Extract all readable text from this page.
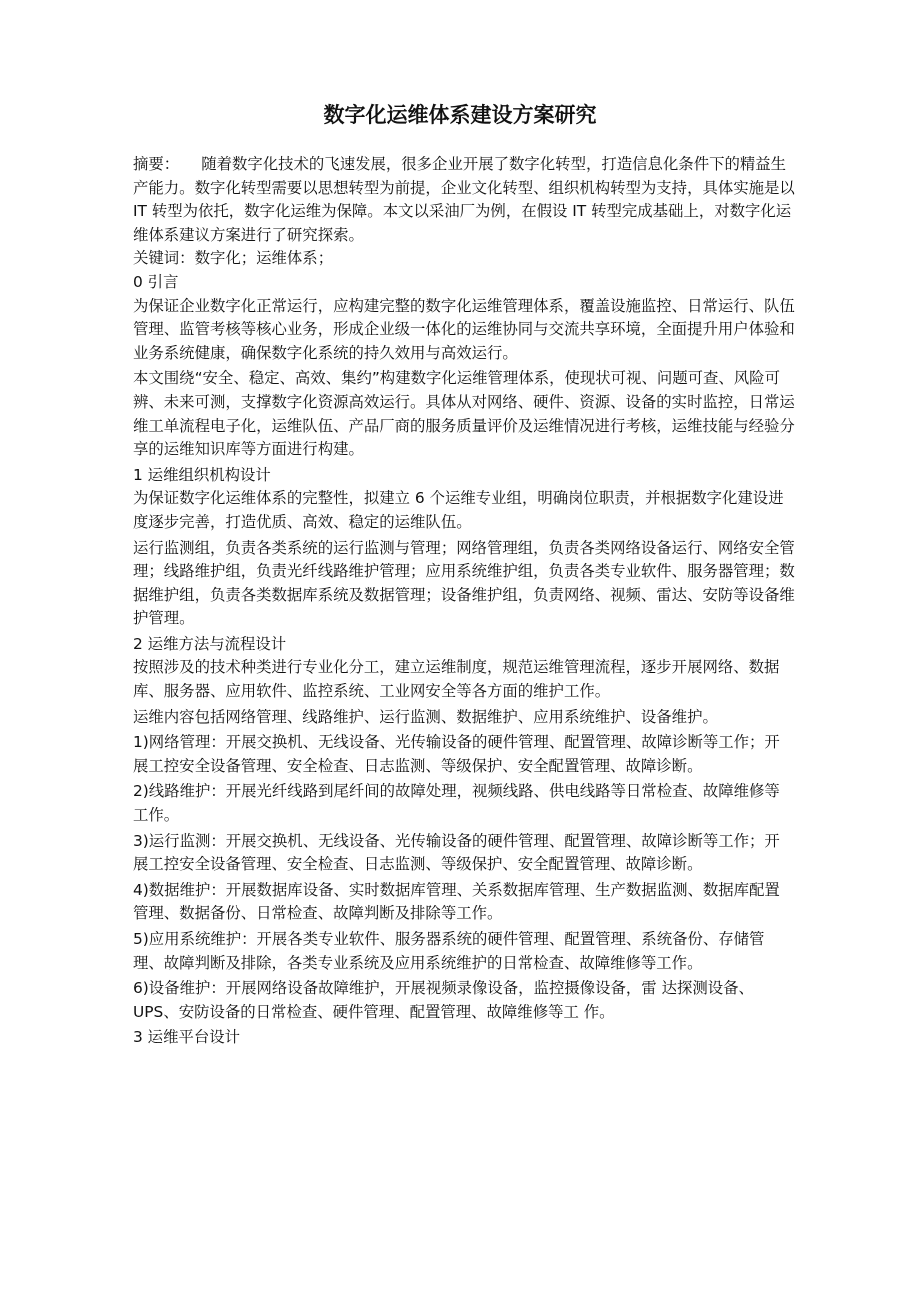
数字化运维体系建设方案研究

摘要： 随着数字化技术的飞速发展，很多企业开展了数字化转型，打造信息化条件下的精益生产能力。数字化转型需要以思想转型为前提，企业文化转型、组织机构转型为支持，具体实施是以 IT 转型为依托，数字化运维为保障。本文以采油厂为例，在假设 IT 转型完成基础上，对数字化运维体系建议方案进行了研究探索。

关键词：数字化；运维体系；

0 引言

为保证企业数字化正常运行，应构建完整的数字化运维管理体系，覆盖设施监控、日常运行、队伍管理、监管考核等核心业务，形成企业级一体化的运维协同与交流共享环境，全面提升用户体验和业务系统健康，确保数字化系统的持久效用与高效运行。

本文围绕“安全、稳定、高效、集约”构建数字化运维管理体系，使现状可视、问题可查、风险可辨、未来可测，支撑数字化资源高效运行。具体从对网络、硬件、资源、设备的实时监控，日常运维工单流程电子化，运维队伍、产品厂商的服务质量评价及运维情况进行考核，运维技能与经验分享的运维知识库等方面进行构建。

1 运维组织机构设计

为保证数字化运维体系的完整性，拟建立 6 个运维专业组，明确岗位职责，并根据数字化建设进度逐步完善，打造优质、高效、稳定的运维队伍。

运行监测组，负责各类系统的运行监测与管理；网络管理组，负责各类网络设备运行、网络安全管理；线路维护组，负责光纤线路维护管理；应用系统维护组，负责各类专业软件、服务器管理；数据维护组，负责各类数据库系统及数据管理；设备维护组，负责网络、视频、雷达、安防等设备维护管理。

2 运维方法与流程设计

按照涉及的技术种类进行专业化分工，建立运维制度，规范运维管理流程，逐步开展网络、数据库、服务器、应用软件、监控系统、工业网安全等各方面的维护工作。

运维内容包括网络管理、线路维护、运行监测、数据维护、应用系统维护、设备维护。

1)网络管理：开展交换机、无线设备、光传输设备的硬件管理、配置管理、故障诊断等工作；开展工控安全设备管理、安全检查、日志监测、等级保护、安全配置管理、故障诊断。

2)线路维护：开展光纤线路到尾纤间的故障处理，视频线路、供电线路等日常检查、故障维修等工作。

3)运行监测：开展交换机、无线设备、光传输设备的硬件管理、配置管理、故障诊断等工作；开展工控安全设备管理、安全检查、日志监测、等级保护、安全配置管理、故障诊断。

4)数据维护：开展数据库设备、实时数据库管理、关系数据库管理、生产数据监测、数据库配置管理、数据备份、日常检查、故障判断及排除等工作。

5)应用系统维护：开展各类专业软件、服务器系统的硬件管理、配置管理、系统备份、存储管理、故障判断及排除，各类专业系统及应用系统维护的日常检查、故障维修等工作。

6)设备维护：开展网络设备故障维护，开展视频录像设备，监控摄像设备，雷 达探测设备、 UPS、安防设备的日常检查、硬件管理、配置管理、故障维修等工 作。

3 运维平台设计
